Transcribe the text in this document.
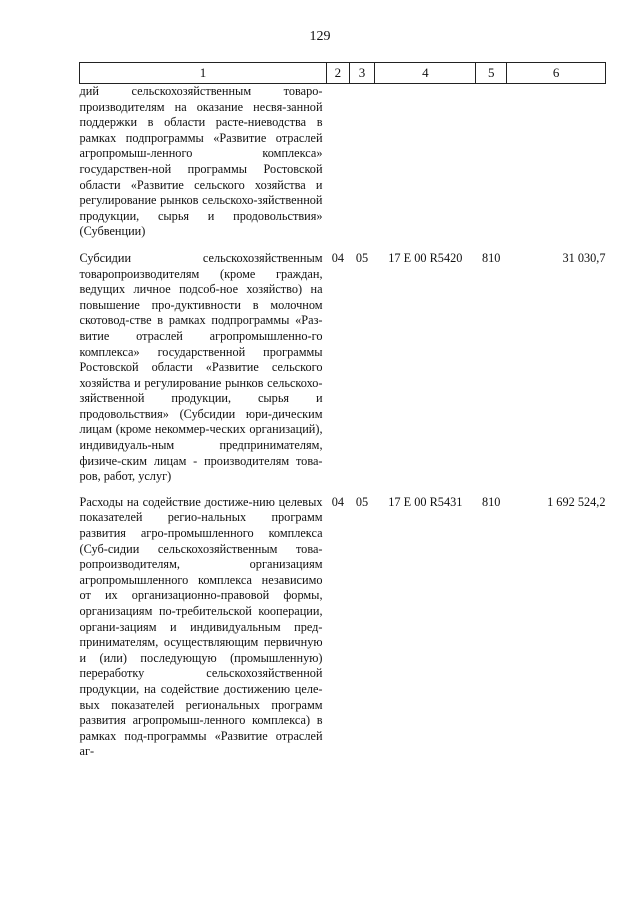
129
1	2	3	4	5	6
дий сельскохозяйственным товаро-производителям на оказание несвя-занной поддержки в области расте-ниеводства в рамках подпрограммы «Развитие отраслей агропромыш-ленного комплекса» государствен-ной программы Ростовской области «Развитие сельского хозяйства и регулирование рынков сельскохо-зяйственной продукции, сырья и продовольствия» (Субвенции)					
Субсидии сельскохозяйственным товаропроизводителям (кроме граждан, ведущих личное подсоб-ное хозяйство) на повышение про-дуктивности в молочном скотовод-стве в рамках подпрограммы «Раз-витие отраслей агропромышленно-го комплекса» государственной программы Ростовской области «Развитие сельского хозяйства и регулирование рынков сельскохо-зяйственной продукции, сырья и продовольствия» (Субсидии юри-дическим лицам (кроме некоммер-ческих организаций), индивидуаль-ным предпринимателям, физиче-ским лицам - производителям това-ров, работ, услуг)	04	05	17 Е 00 R5420	810	31 030,7
Расходы на содействие достиже-нию целевых показателей регио-нальных программ развития агро-промышленного комплекса (Суб-сидии сельскохозяйственным това-ропроизводителям, организациям агропромышленного комплекса независимо от их организационно-правовой формы, организациям по-требительской кооперации, органи-зациям и индивидуальным пред-принимателям, осуществляющим первичную и (или) последующую (промышленную) переработку сельскохозяйственной продукции, на содействие достижению целе-вых показателей региональных программ развития агропромыш-ленного комплекса) в рамках под-программы «Развитие отраслей аг-	04	05	17 Е 00 R5431	810	1 692 524,2
